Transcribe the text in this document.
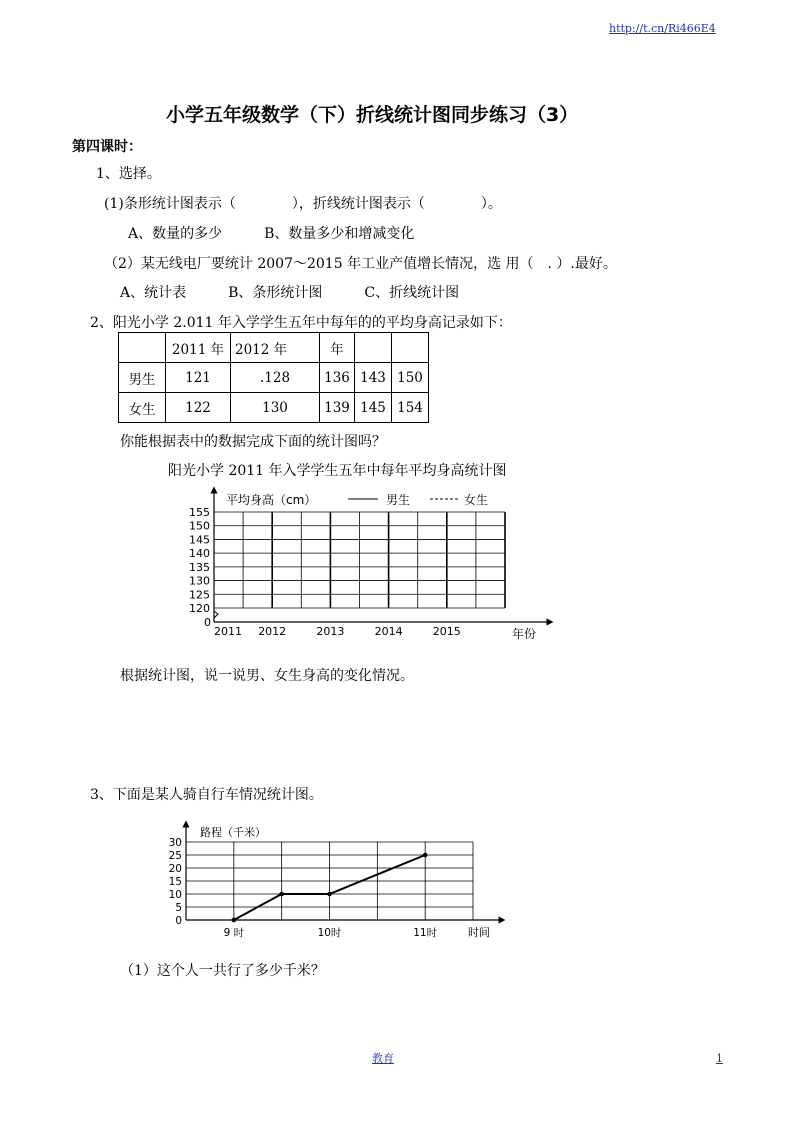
http://t.cn/Ri466E4
小学五年级数学（下）折线统计图同步练习（3）
第四课时：
1、选择。
(1)条形统计图表示（　　　　），折线统计图表示（　　　　）。
A、数量的多少　　　B、数量多少和增减变化
（2）某无线电厂要统计 2007～2015 年工业产值增长情况，选 用（　. ）.最好。
A、统计表　　　B、条形统计图　　　C、折线统计图
2、阳光小学 2.011 年入学学生五年中每年的的平均身高记录如下：
	2011 年	2012 年	年		
男生	121	.128	136	143	150
女生	122	130	139	145	154
你能根据表中的数据完成下面的统计图吗？
阳光小学 2011 年入学学生五年中每年平均身高统计图
120
125
130
135
140
145
150
155
2011 2012	2013	2014	2015
平均身高（cm）	男生	女生
0
年份
根据统计图，说一说男、女生身高的变化情况。
3、下面是某人骑自行车情况统计图。
0
5
10
15
20
25
30
9 时	10时	11时
路程（千米）
时间
（1）这个人一共行了多少千米？
教育	1
